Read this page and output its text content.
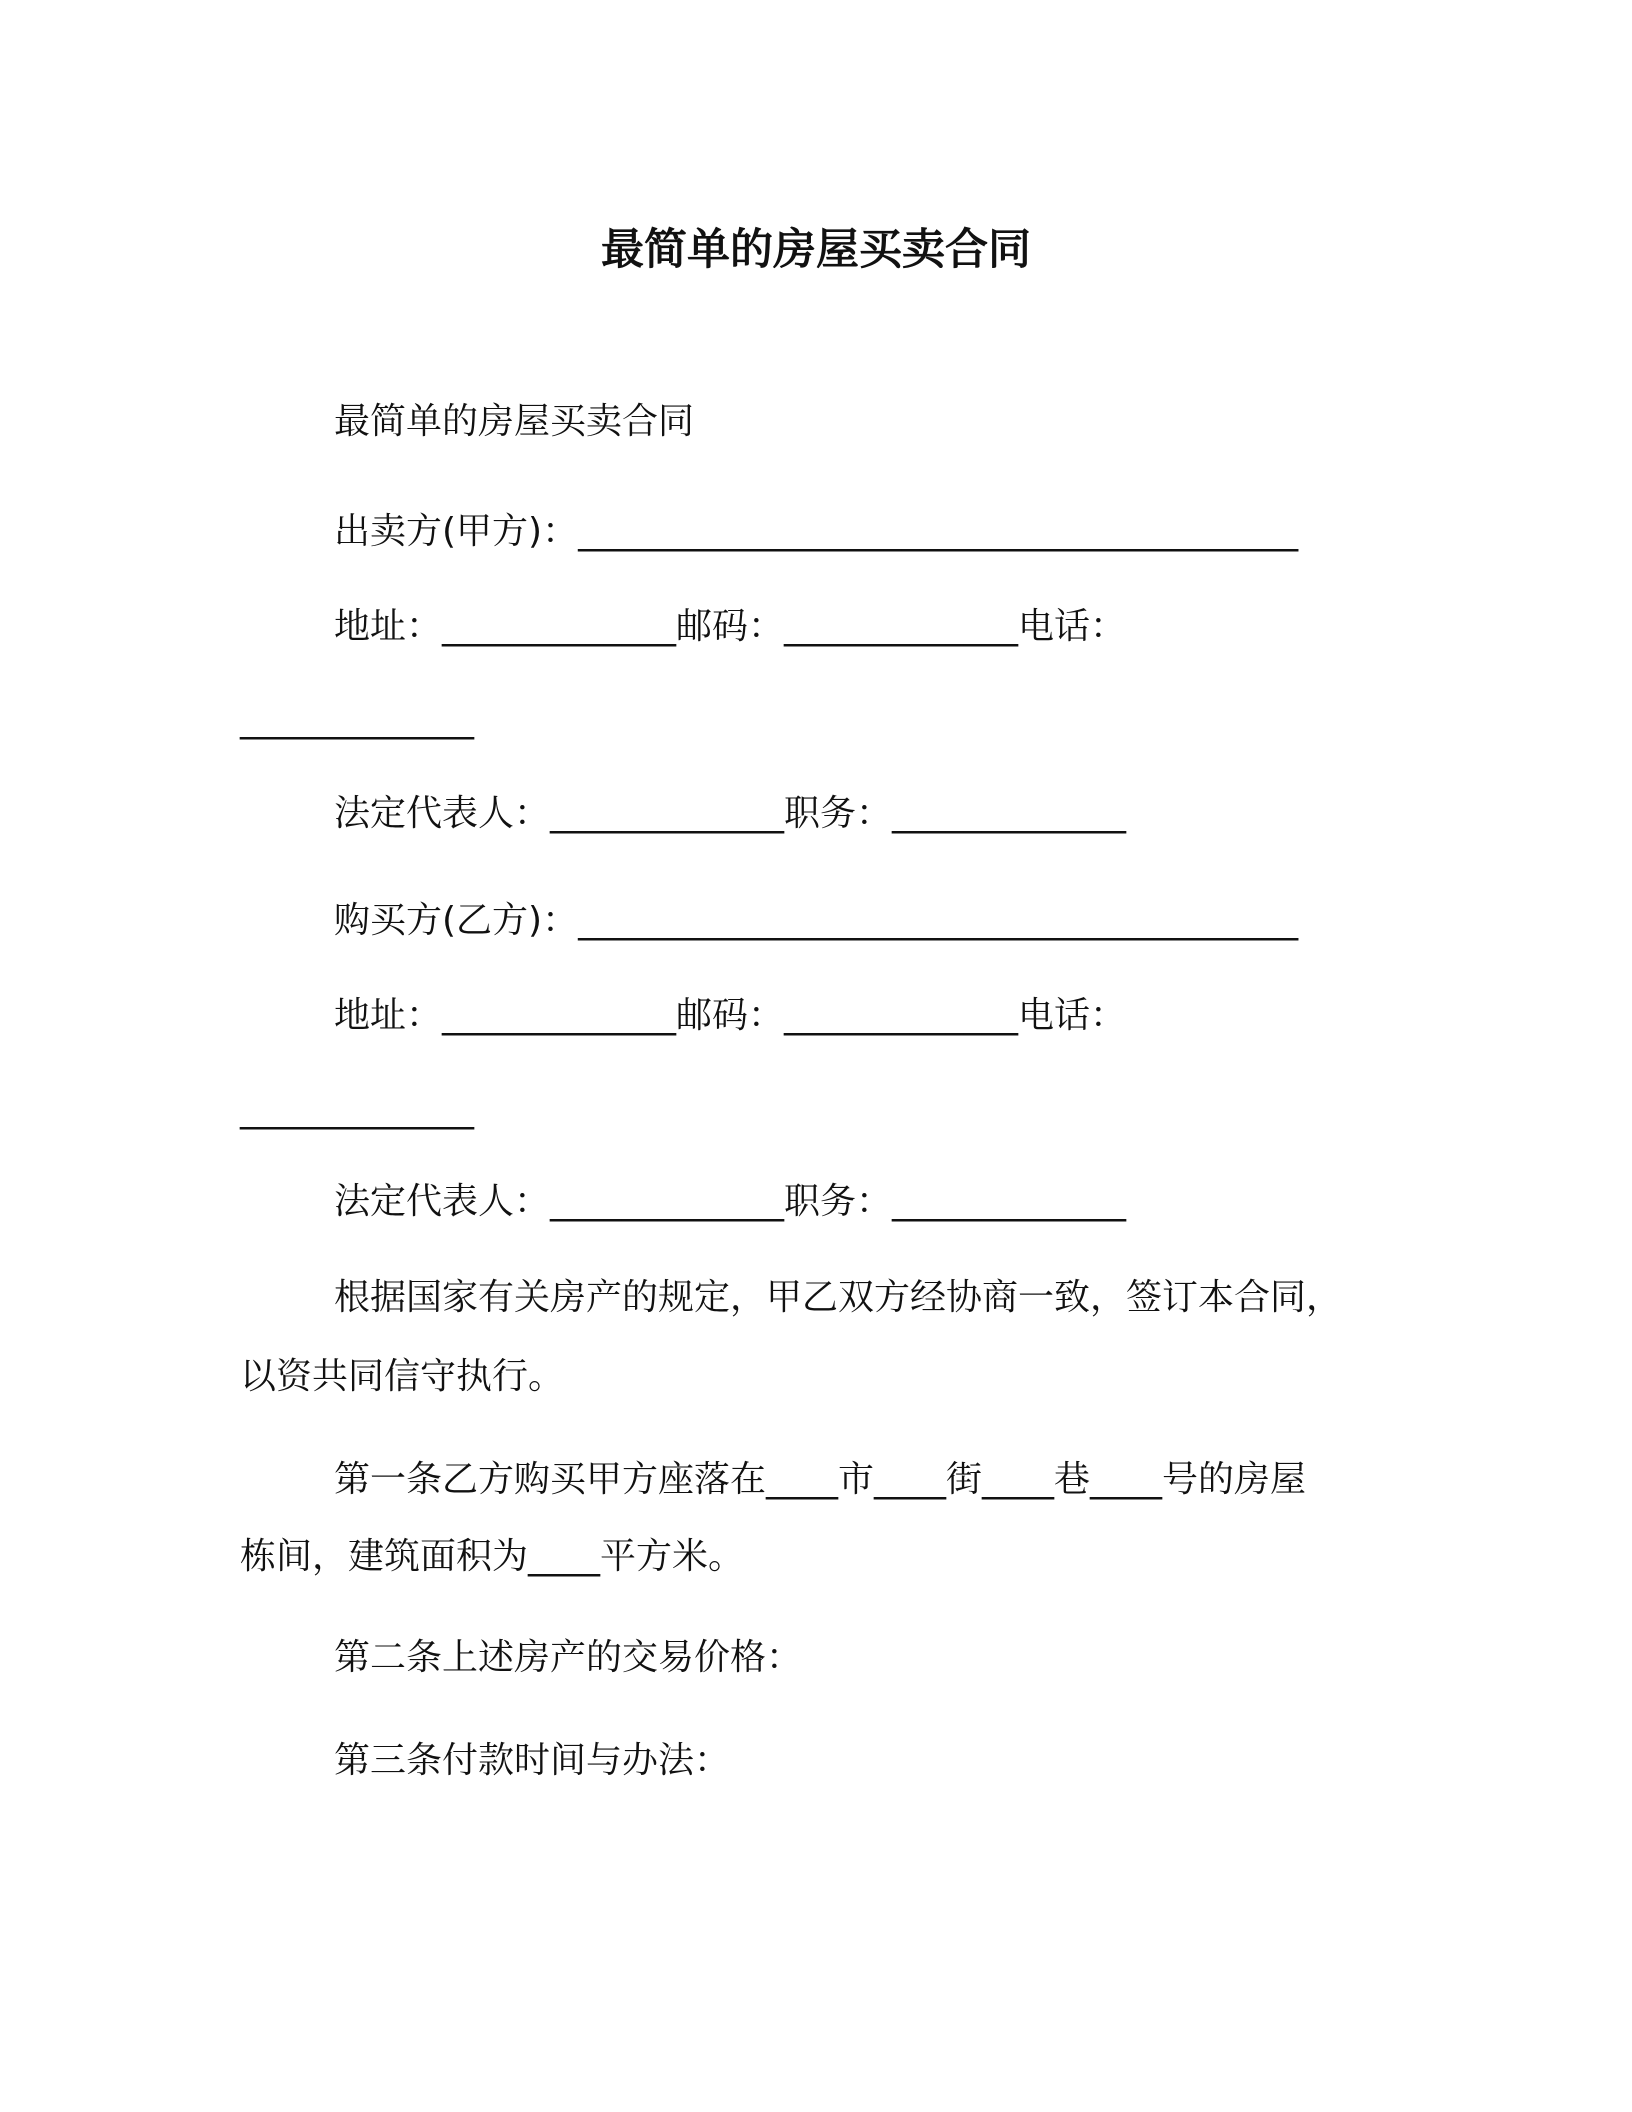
最简单的房屋买卖合同

最简单的房屋买卖合同

出卖方(甲方)：________________________________________

地址：_____________邮码：_____________电话：

_____________

法定代表人：_____________职务：_____________

购买方(乙方)：________________________________________

地址：_____________邮码：_____________电话：

_____________

法定代表人：_____________职务：_____________

根据国家有关房产的规定，甲乙双方经协商一致，签订本合同，

以资共同信守执行。

第一条乙方购买甲方座落在____市____街____巷____号的房屋

栋间，建筑面积为____平方米。

第二条上述房产的交易价格：

第三条付款时间与办法：
